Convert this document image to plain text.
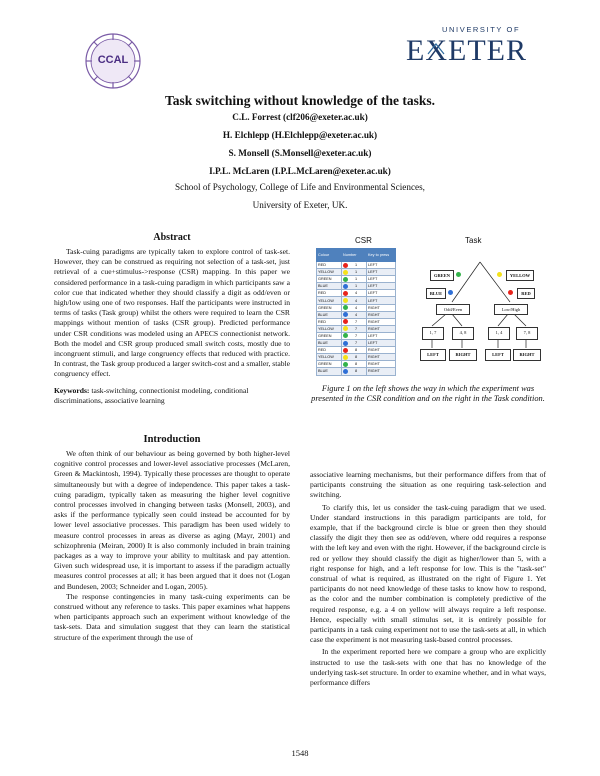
CCAL
UNIVERSITY OF
EXETER
Task switching without knowledge of the tasks.
C.L. Forrest (clf206@exeter.ac.uk)
H. Elchlepp (H.Elchlepp@exeter.ac.uk)
S. Monsell (S.Monsell@exeter.ac.uk)
I.P.L. McLaren (I.P.L.McLaren@exeter.ac.uk)
School of Psychology, College of Life and Environmental Sciences,
University of Exeter, UK.
Abstract

Task-cuing paradigms are typically taken to explore control of task-set. However, they can be construed as requiring not selection of a task-set, just retrieval of a cue+stimulus->response (CSR) mapping. In this paper we considered performance in a task-cuing paradigm in which participants saw a color cue that indicated whether they should classify a digit as odd/even or high/low using one of two responses. Half the participants were instructed in terms of tasks (Task group) whilst the others were required to learn the CSR mappings without mention of tasks (CSR group). Predicted performance under CSR conditions was modeled using an APECS connectionist network. Both the model and CSR group produced small switch costs, mostly due to incongruent stimuli, and large congruency effects that reduced with practice. In contrast, the Task group produced a larger switch-cost and a smaller, stable congruency effect.

Keywords: task-switching, connectionist modeling, conditional discriminations, associative learning
Introduction

We often think of our behaviour as being governed by both higher-level cognitive control processes and lower-level associative processes (McLaren, Green & Mackintosh, 1994). Typically these processes are thought to operate simultaneously but with a degree of independence. This paper takes a task-cuing paradigm, typically taken as measuring the higher level cognitive control processes involved in changing between tasks (Monsell, 2003), and asks if the performance typically seen could instead be accounted for by lower level associative processes. This paradigm has been used widely to measure control processes in areas as diverse as aging (Mayr, 2001) and schizophrenia (Meiran, 2000) It is also commonly included in brain training packages as a way to improve your ability to multitask and pay attention. Given such widespread use, it is important to assess if the paradigm actually measures control processes at all; it has been argued that it does not (Logan and Bundesen, 2003; Schneider and Logan, 2005).

The response contingencies in many task-cuing experiments can be construed without any reference to tasks. This paper examines what happens when participants approach such an experiment without knowledge of the task-sets. Data and simulation suggest that they can learn the statistical structure of the experiment through the use of

CSR	Task
Colour	Number	Key to press
RED	1	LEFT
YELLOW	1	LEFT
GREEN	1	LEFT
BLUE	1	LEFT
RED	4	LEFT
YELLOW	4	LEFT
GREEN	4	RIGHT
BLUE	4	RIGHT
RED	7	RIGHT
YELLOW	7	RIGHT
GREEN	7	LEFT
BLUE	7	LEFT
RED	8	RIGHT
YELLOW	8	RIGHT
GREEN	8	RIGHT
BLUE	8	RIGHT
GREEN	YELLOW
BLUE	RED
Odd/Even	Low/High
1, 7	4, 8	1, 4	7, 8
LEFT	RIGHT	LEFT	RIGHT
Figure 1 on the left shows the way in which the experiment was presented in the CSR condition and on the right in the Task condition.

associative learning mechanisms, but their performance differs from that of participants construing the situation as one requiring task-selection and switching.

To clarify this, let us consider the task-cuing paradigm that we used. Under standard instructions in this paradigm participants are told, for example, that if the background circle is blue or green then they should classify the digit they then see as odd/even, where odd requires a response with the left key and even with the right. However, if the background circle is red or yellow they should classify the digit as higher/lower than 5, with a right response for high, and a left response for low. This is the "task-set" construal of what is required, as illustrated on the right of Figure 1. Yet participants do not need knowledge of these tasks to know how to respond, as the color and the number combination is completely predictive of the required response, e.g. a 4 on yellow will always require a left response. Hence, especially with small stimulus set, it is entirely possible for participants in a task cuing experiment not to use the task-sets at all, in which case the experiment is not measuring task-based control processes.

In the experiment reported here we compare a group who are explicitly instructed to use the task-sets with one that has no knowledge of the underlying task-set structure. In order to examine whether, and in what ways, performance differs

1548
